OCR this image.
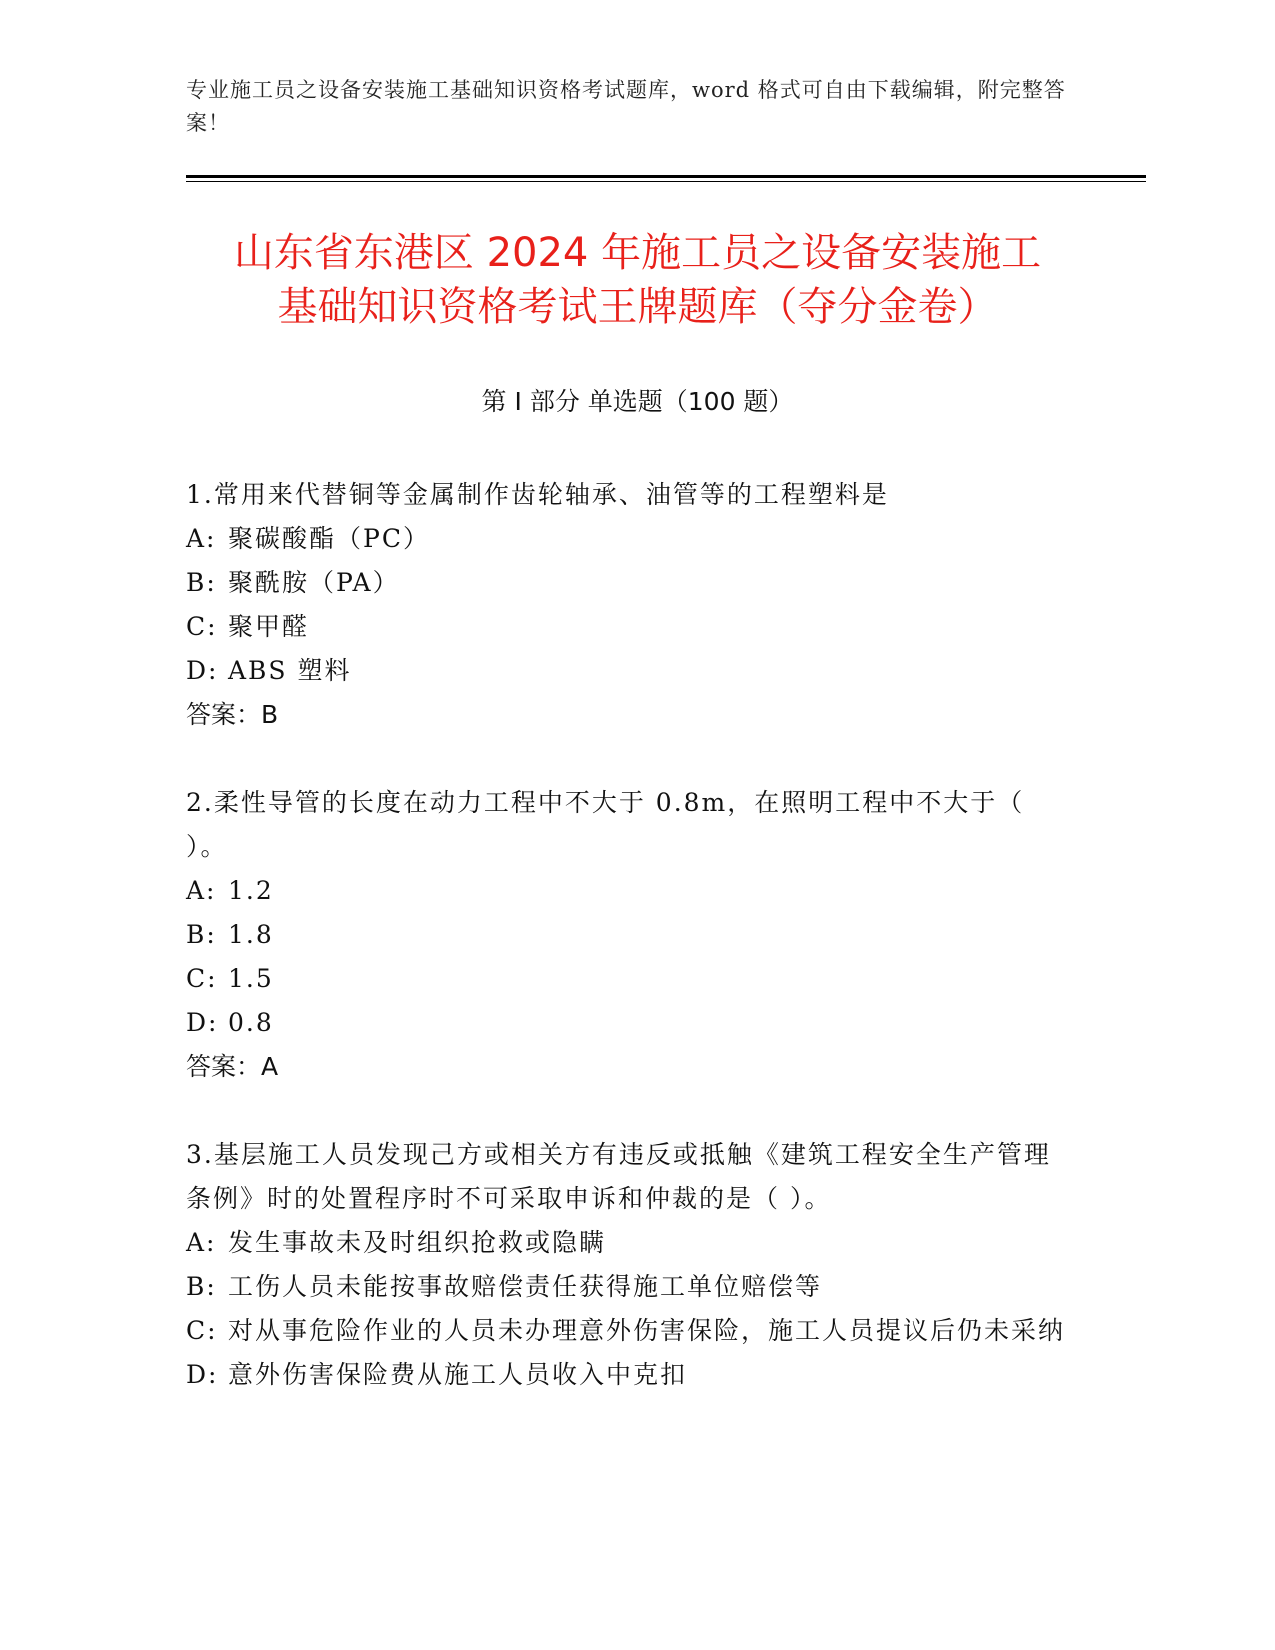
专业施工员之设备安装施工基础知识资格考试题库，word 格式可自由下载编辑，附完整答案！
山东省东港区 2024 年施工员之设备安装施工
基础知识资格考试王牌题库（夺分金卷）
第 I 部分 单选题（100 题）

1.常用来代替铜等金属制作齿轮轴承、油管等的工程塑料是

A: 聚碳酸酯（PC）

B: 聚酰胺（PA）

C: 聚甲醛

D: ABS 塑料

答案：B

2.柔性导管的长度在动力工程中不大于 0.8m，在照明工程中不大于（ ）。

A: 1.2

B: 1.8

C: 1.5

D: 0.8

答案：A

3.基层施工人员发现己方或相关方有违反或抵触《建筑工程安全生产管理条例》时的处置程序时不可采取申诉和仲裁的是（ ）。

A: 发生事故未及时组织抢救或隐瞒

B: 工伤人员未能按事故赔偿责任获得施工单位赔偿等

C: 对从事危险作业的人员未办理意外伤害保险，施工人员提议后仍未采纳

D: 意外伤害保险费从施工人员收入中克扣
